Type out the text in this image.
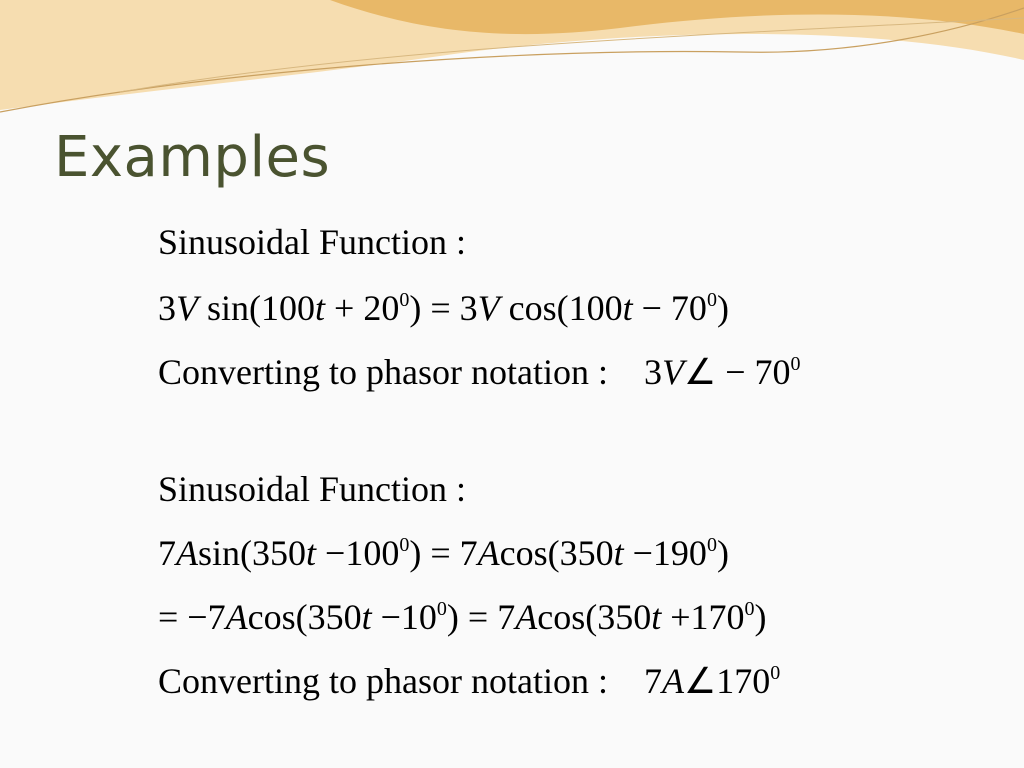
Examples

Sinusoidal Function :

3V $\sin(100t + 20^0) = 3V$ $\cos(100t - 70^0)$

Converting to phasor notation : 3V∠ − $70^0$

Sinusoidal Function :

$7Asin(350t -100^0) = 7Acos(350t -190^0)$

= $-7Acos(350t -10^0) = 7Acos(350t +170^0)$

Converting to phasor notation : $7A\angle 170^0$
